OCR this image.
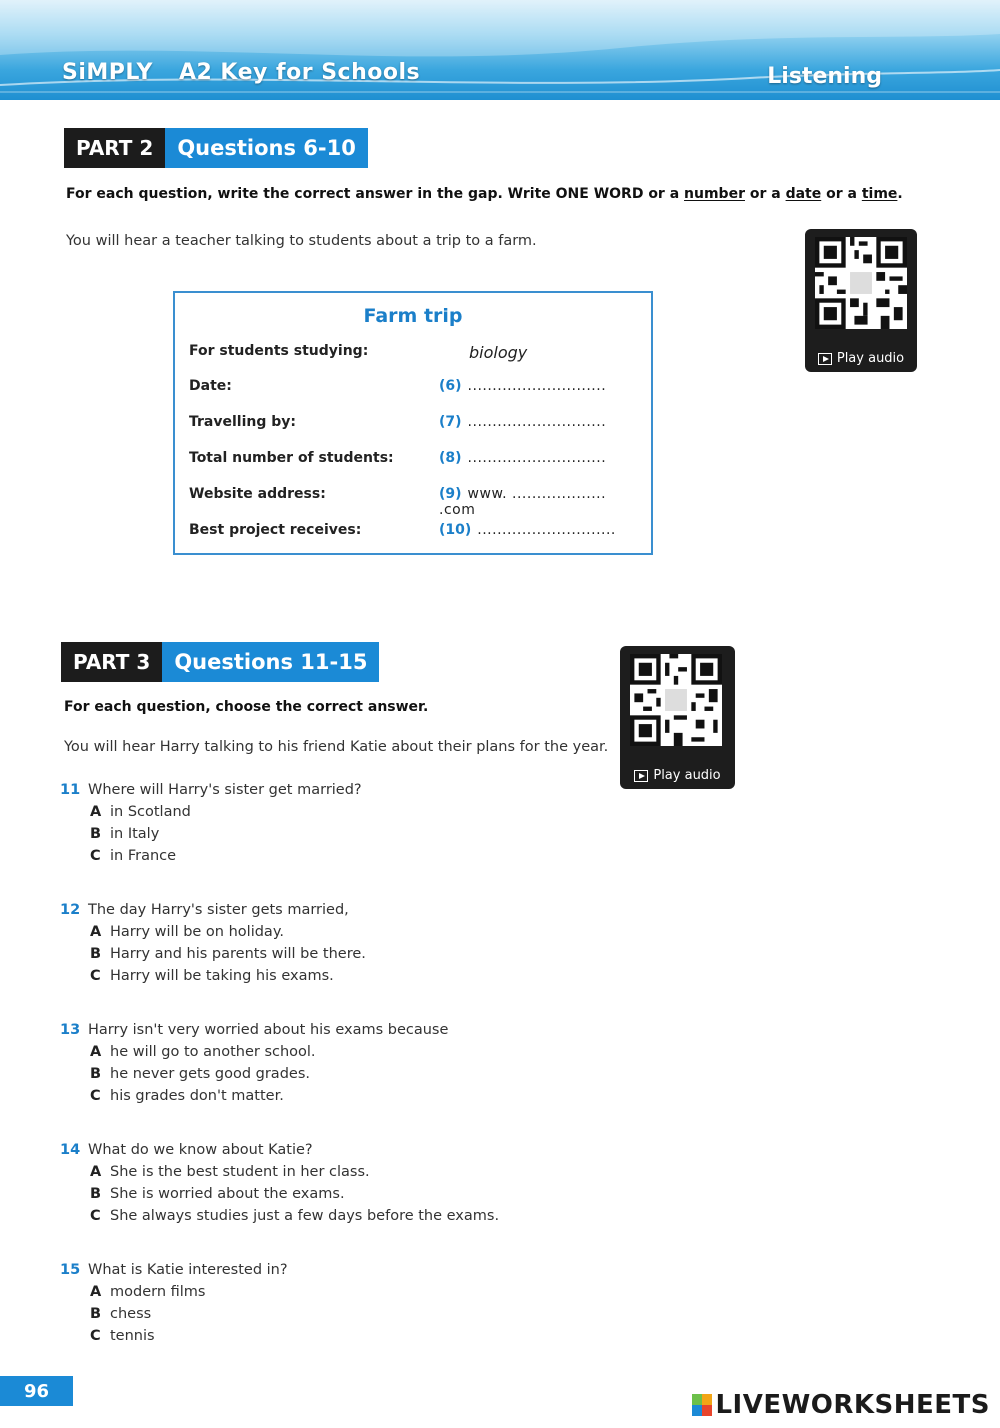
SiMPLY A2 Key for Schools	Listening
PART 2	Questions 6-10
For each question, write the correct answer in the gap. Write ONE WORD or a number or a date or a time.
You will hear a teacher talking to students about a trip to a farm.
Play audio
Farm trip
For students studying:	biology
Date:	(6) ............................
Travelling by:	(7) ............................
Total number of students:	(8) ............................
Website address:	(9) www. ................... .com
Best project receives:	(10) ............................
PART 3	Questions 11-15
For each question, choose the correct answer.
You will hear Harry talking to his friend Katie about their plans for the year.
Play audio
11 Where will Harry's sister get married?
A in Scotland
B in Italy
C in France
12 The day Harry's sister gets married,
A Harry will be on holiday.
B Harry and his parents will be there.
C Harry will be taking his exams.
13 Harry isn't very worried about his exams because
A he will go to another school.
B he never gets good grades.
C his grades don't matter.
14 What do we know about Katie?
A She is the best student in her class.
B She is worried about the exams.
C She always studies just a few days before the exams.
15 What is Katie interested in?
A modern films
B chess
C tennis
96	LIVEWORKSHEETS
